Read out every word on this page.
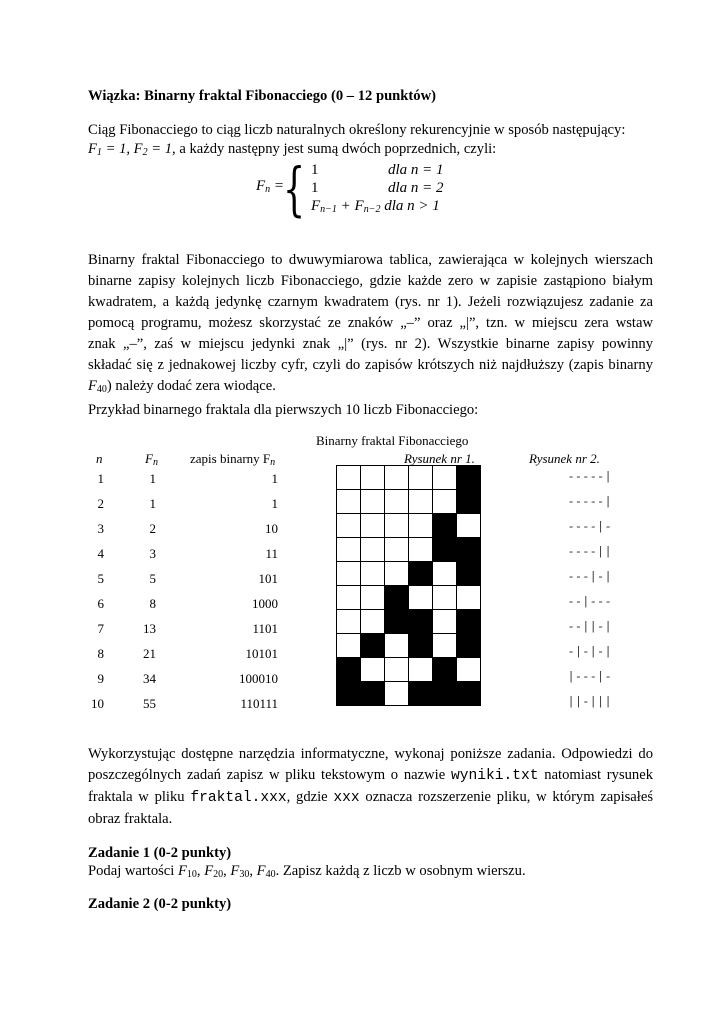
Wiązka: Binarny fraktal Fibonacciego (0 – 12 punktów)
Ciąg Fibonacciego to ciąg liczb naturalnych określony rekurencyjnie w sposób następujący:
$F_1 = 1$, $F_2 = 1$, a każdy następny jest sumą dwóch poprzednich, czyli:
$F_n$ =
{ 1	dla n = 1
1	dla n = 2
$F_{n-1} + F_{n-2}$ dla n > 1
Binarny fraktal Fibonacciego to dwuwymiarowa tablica, zawierająca w kolejnych wierszach
binarne zapisy kolejnych liczb Fibonacciego, gdzie każde zero w zapisie zastąpiono białym
kwadratem, a każdą jedynkę czarnym kwadratem (rys. nr 1). Jeżeli rozwiązujesz zadanie za
pomocą programu, możesz skorzystać ze znaków „–” oraz „|”, tzn. w miejscu zera wstaw
znak „–”, zaś w miejscu jedynki znak „|” (rys. nr 2). Wszystkie binarne zapisy powinny
składać się z jednakowej liczby cyfr, czyli do zapisów krótszych niż najdłuższy (zapis binarny
$F_{40}$) należy dodać zera wiodące.
Przykład binarnego fraktala dla pierwszych 10 liczb Fibonacciego:
Binarny fraktal Fibonacciego
n	$F_n$ zapis binarny $F_n$	Rysunek nr 1.	Rysunek nr 2.
1	1	1	-----|
2	1	1	-----|
3	2	10	----|-
4	3	11	----||
5	5	101	---|-|
6	8	1000	--|---
7	13	1101	--||-|
8	21	10101	-|-|-|
9	34	100010	|---|-
10	55	110111	||-|||

Wykorzystując dostępne narzędzia informatyczne, wykonaj poniższe zadania. Odpowiedzi do
poszczególnych zadań zapisz w pliku tekstowym o nazwie wyniki.txt natomiast rysunek
fraktala w pliku fraktal.xxx, gdzie xxx oznacza rozszerzenie pliku, w którym zapisałeś
obraz fraktala.
Zadanie 1 (0-2 punkty)
Podaj wartości $F_{10}$, $F_{20}$, $F_{30}$, $F_{40}$. Zapisz każdą z liczb w osobnym wierszu.
Zadanie 2 (0-2 punkty)
